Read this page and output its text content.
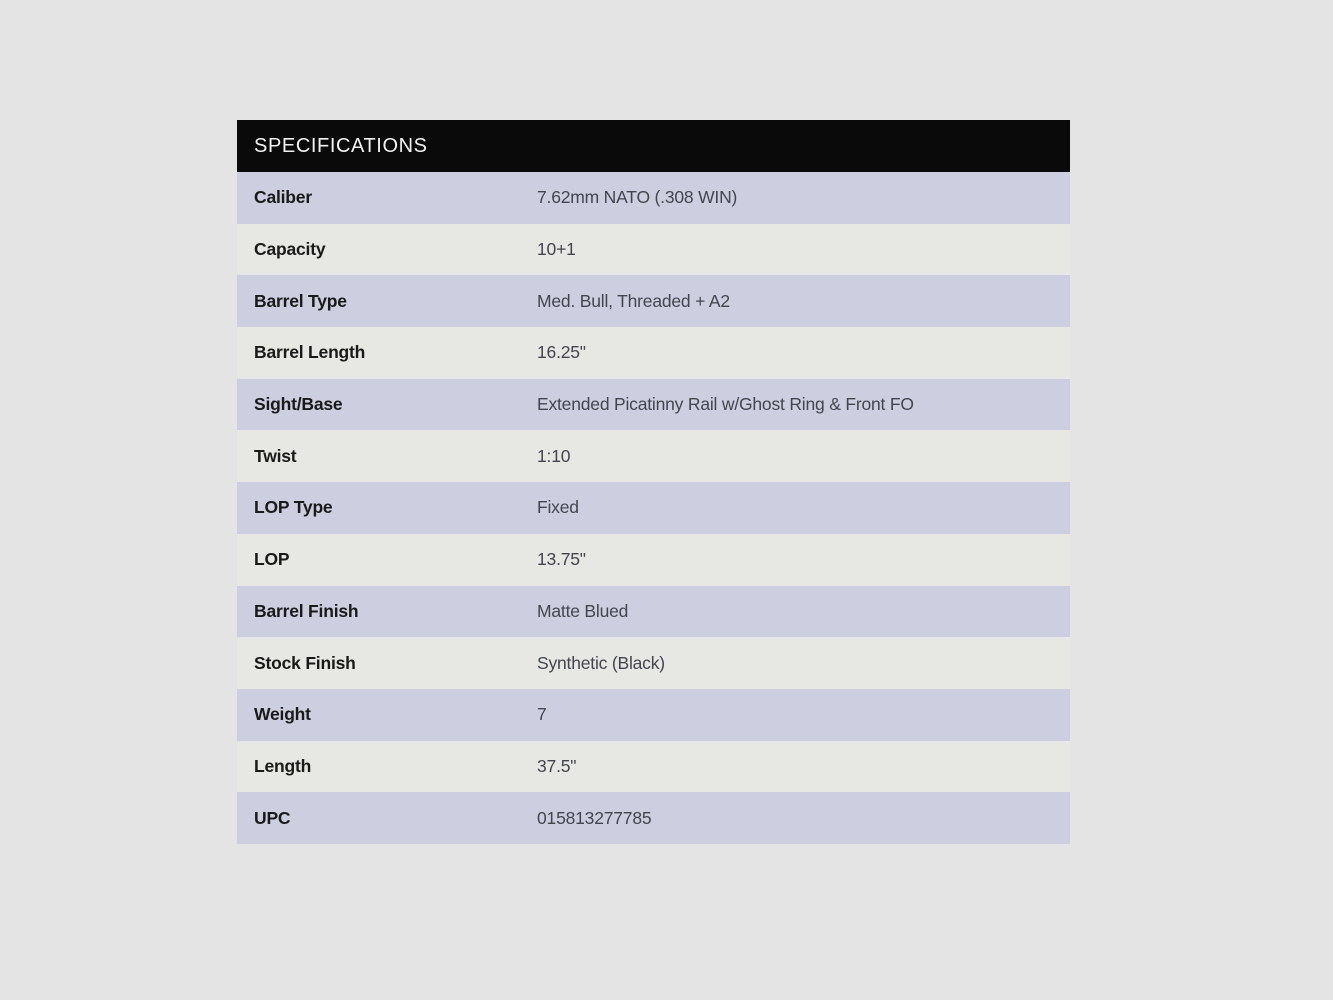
SPECIFICATIONS
Caliber	7.62mm NATO (.308 WIN)
Capacity	10+1
Barrel Type	Med. Bull, Threaded + A2
Barrel Length	16.25"
Sight/Base	Extended Picatinny Rail w/Ghost Ring & Front FO
Twist	1:10
LOP Type	Fixed
LOP	13.75"
Barrel Finish	Matte Blued
Stock Finish	Synthetic (Black)
Weight	7
Length	37.5"
UPC	015813277785
